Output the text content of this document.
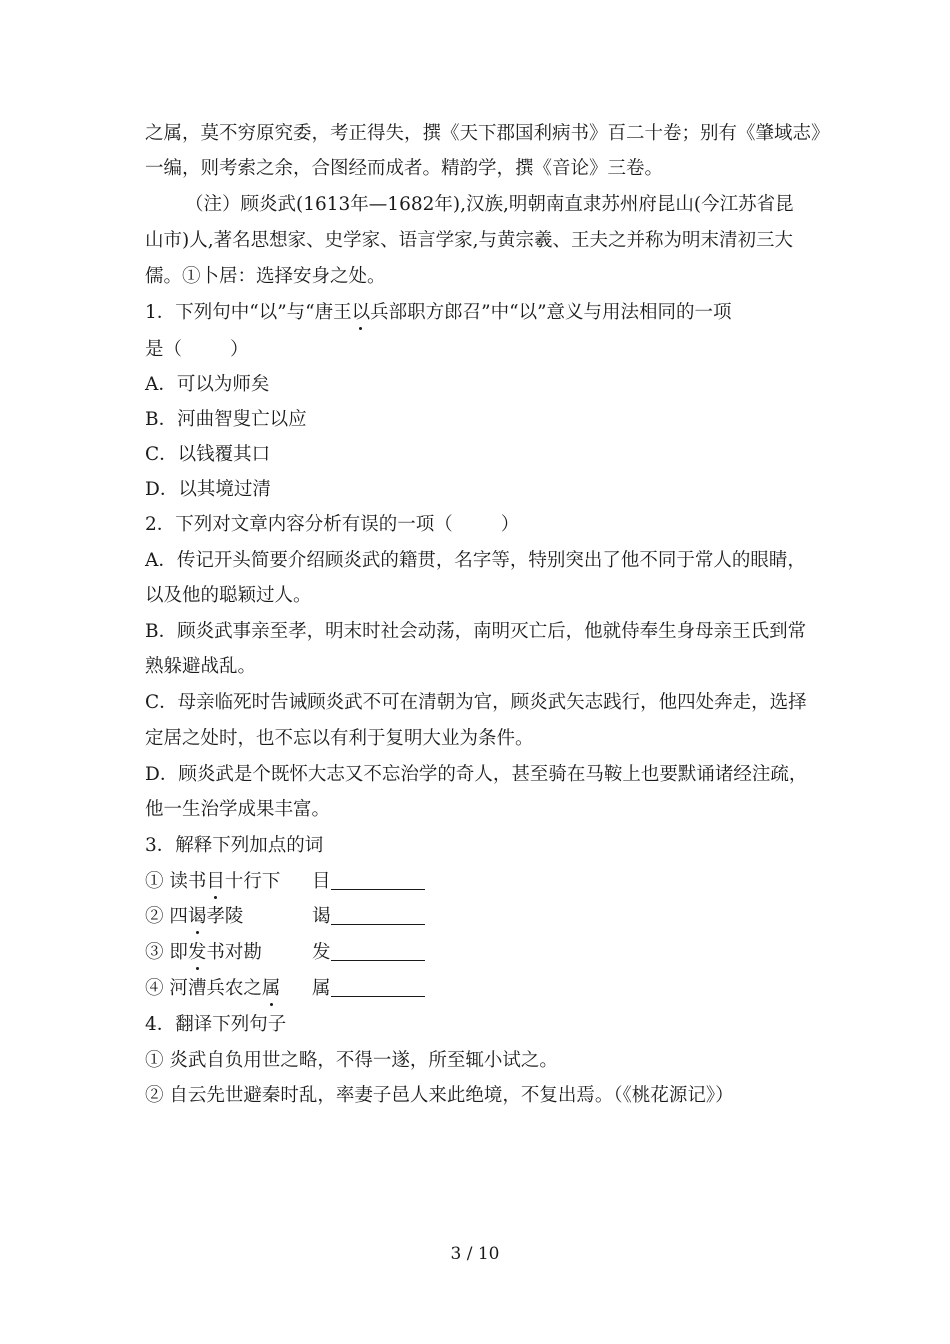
之属，莫不穷原究委，考正得失，撰《天下郡国利病书》百二十卷；别有《肇域志》
一编，则考索之余，合图经而成者。精韵学，撰《音论》三卷。
（注）顾炎武(1613年—1682年),汉族,明朝南直隶苏州府昆山(今江苏省昆
山市)人,著名思想家、史学家、语言学家,与黄宗羲、王夫之并称为明末清初三大
儒。①卜居：选择安身之处。
1．下列句中“以”与“唐王以兵部职方郎召”中“以”意义与用法相同的一项
是（	）
A．可以为师矣
B．河曲智叟亡以应
C．以钱覆其口
D．以其境过清
2．下列对文章内容分析有误的一项（	）
A．传记开头简要介绍顾炎武的籍贯，名字等，特别突出了他不同于常人的眼睛，
以及他的聪颖过人。
B．顾炎武事亲至孝，明末时社会动荡，南明灭亡后，他就侍奉生身母亲王氏到常
熟躲避战乱。
C．母亲临死时告诫顾炎武不可在清朝为官，顾炎武矢志践行，他四处奔走，选择
定居之处时，也不忘以有利于复明大业为条件。
D．顾炎武是个既怀大志又不忘治学的奇人，甚至骑在马鞍上也要默诵诸经注疏，
他一生治学成果丰富。
3．解释下列加点的词
① 读书目十行下 目
② 四谒孝陵	谒
③ 即发书对勘	发
④ 河漕兵农之属 属
4．翻译下列句子
① 炎武自负用世之略，不得一遂，所至辄小试之。
② 自云先世避秦时乱，率妻子邑人来此绝境，不复出焉。（《桃花源记》）
3 / 10
